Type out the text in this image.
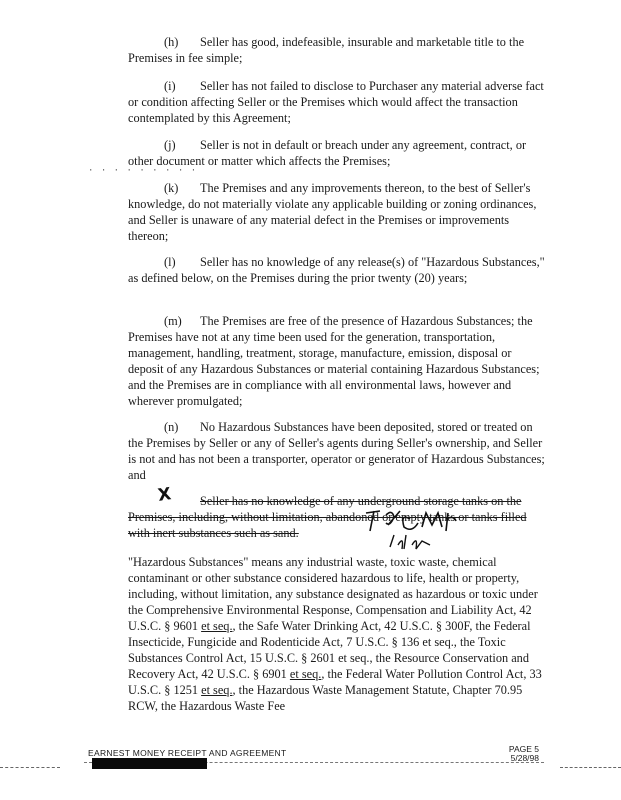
(h) Seller has good, indefeasible, insurable and marketable title to the Premises in fee simple;

(i) Seller has not failed to disclose to Purchaser any material adverse fact or condition affecting Seller or the Premises which would affect the transaction contemplated by this Agreement;

(j) Seller is not in default or breach under any agreement, contract, or other document or matter which affects the Premises;

· · · · · · · · ·

(k) The Premises and any improvements thereon, to the best of Seller's knowledge, do not materially violate any applicable building or zoning ordinances, and Seller is unaware of any material defect in the Premises or improvements thereon;

(l) Seller has no knowledge of any release(s) of "Hazardous Substances," as defined below, on the Premises during the prior twenty (20) years;

(m) The Premises are free of the presence of Hazardous Substances; the Premises have not at any time been used for the generation, transportation, management, handling, treatment, storage, manufacture, emission, disposal or deposit of any Hazardous Substances or material containing Hazardous Substances; and the Premises are in compliance with all environmental laws, however and wherever promulgated;

(n) No Hazardous Substances have been deposited, stored or treated on the Premises by Seller or any of Seller's agents during Seller's ownership, and Seller is not and has not been a transporter, operator or generator of Hazardous Substances; and

Seller has no knowledge of any underground storage tanks on the Premises, including, without limitation, abandoned or empty tanks or tanks filled with inert substances such as sand.

X

"Hazardous Substances" means any industrial waste, toxic waste, chemical contaminant or other substance considered hazardous to life, health or property, including, without limitation, any substance designated as hazardous or toxic under the Comprehensive Environmental Response, Compensation and Liability Act, 42 U.S.C. § 9601 et seq., the Safe Water Drinking Act, 42 U.S.C. § 300F, the Federal Insecticide, Fungicide and Rodenticide Act, 7 U.S.C. § 136 et seq., the Toxic Substances Control Act, 15 U.S.C. § 2601 et seq., the Resource Conservation and Recovery Act, 42 U.S.C. § 6901 et seq., the Federal Water Pollution Control Act, 33 U.S.C. § 1251 et seq., the Hazardous Waste Management Statute, Chapter 70.95 RCW, the Hazardous Waste Fee

EARNEST MONEY RECEIPT AND AGREEMENT	PAGE 5
5/28/98
